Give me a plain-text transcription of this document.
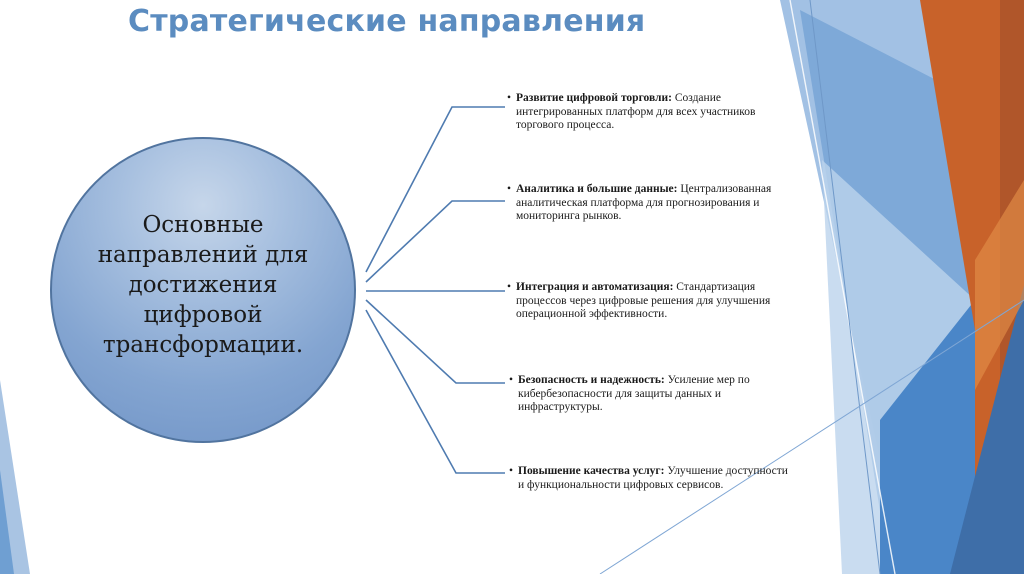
Стратегические направления
Основные направлений для достижения цифровой трансформации.
• Развитие цифровой торговли: Создание интегрированных платформ для всех участников торгового процесса.
• Аналитика и большие данные: Централизованная аналитическая платформа для прогнозирования и мониторинга рынков.
• Интеграция и автоматизация: Стандартизация процессов через цифровые решения для улучшения операционной эффективности.
• Безопасность и надежность: Усиление мер по кибербезопасности для защиты данных и инфраструктуры.
• Повышение качества услуг: Улучшение доступности и функциональности цифровых сервисов.
